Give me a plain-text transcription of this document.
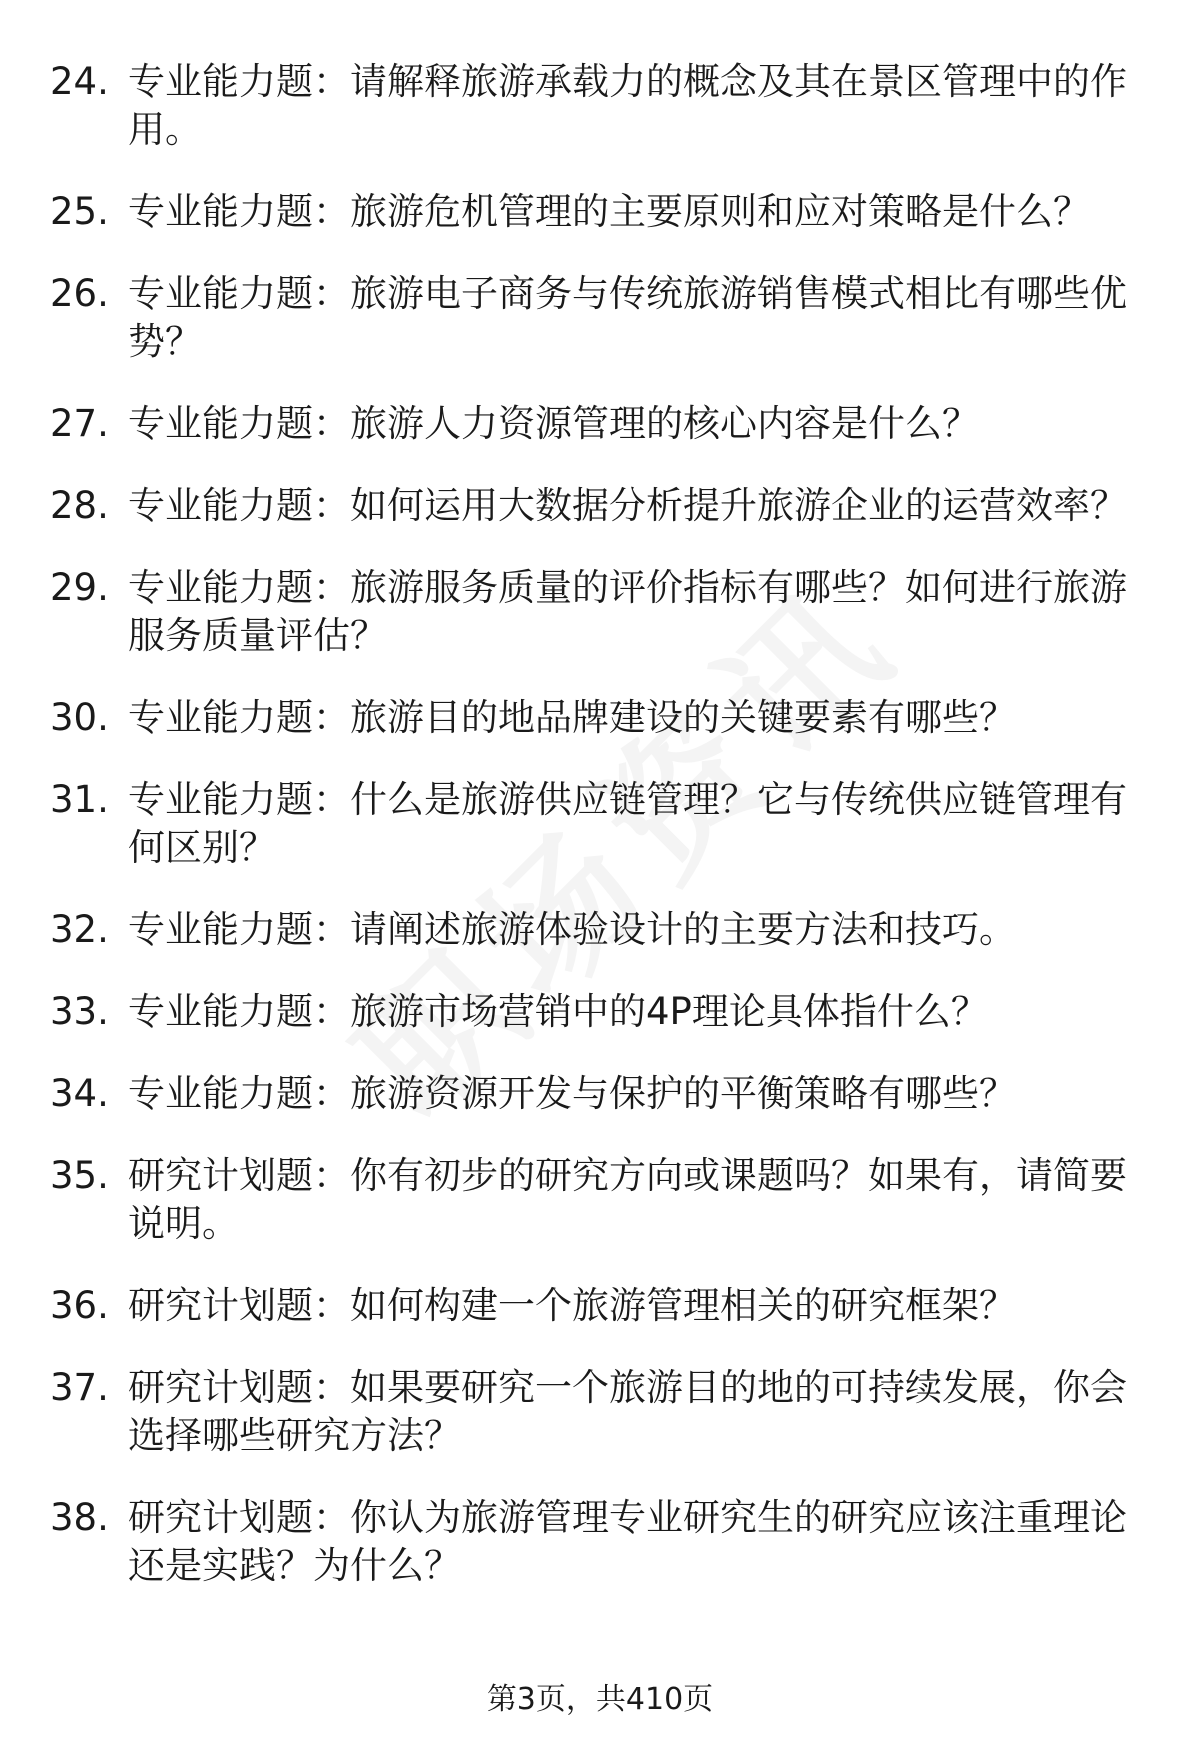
24. 专业能力题：请解释旅游承载力的概念及其在景区管理中的作用。
25. 专业能力题：旅游危机管理的主要原则和应对策略是什么？
26. 专业能力题：旅游电子商务与传统旅游销售模式相比有哪些优势？
27. 专业能力题：旅游人力资源管理的核心内容是什么？
28. 专业能力题：如何运用大数据分析提升旅游企业的运营效率？
29. 专业能力题：旅游服务质量的评价指标有哪些？如何进行旅游服务质量评估？
30. 专业能力题：旅游目的地品牌建设的关键要素有哪些？
31. 专业能力题：什么是旅游供应链管理？它与传统供应链管理有何区别？
32. 专业能力题：请阐述旅游体验设计的主要方法和技巧。
33. 专业能力题：旅游市场营销中的4P理论具体指什么？
34. 专业能力题：旅游资源开发与保护的平衡策略有哪些？
35. 研究计划题：你有初步的研究方向或课题吗？如果有，请简要说明。
36. 研究计划题：如何构建一个旅游管理相关的研究框架？
37. 研究计划题：如果要研究一个旅游目的地的可持续发展，你会选择哪些研究方法？
38. 研究计划题：你认为旅游管理专业研究生的研究应该注重理论还是实践？为什么？
第3页，共410页
